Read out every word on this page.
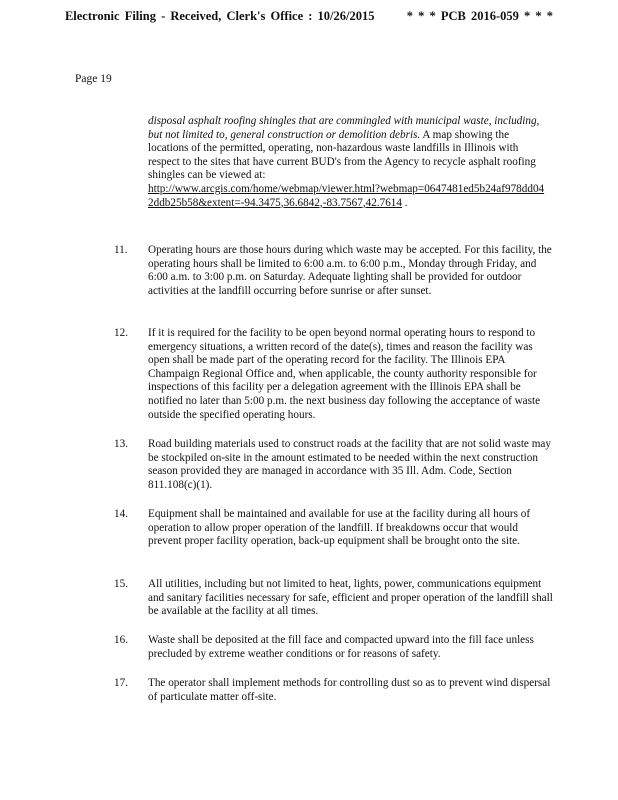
Electronic Filing - Received, Clerk's Office : 10/26/2015	* * * PCB 2016-059 * * *
Page 19
disposal asphalt roofing shingles that are commingled with municipal waste, including, but not limited to, general construction or demolition debris. A map showing the locations of the permitted, operating, non-hazardous waste landfills in Illinois with respect to the sites that have current BUD's from the Agency to recycle asphalt roofing shingles can be viewed at:
http://www.arcgis.com/home/webmap/viewer.html?webmap=0647481ed5b24af978dd042ddb25b58&extent=-94.3475,36.6842,-83.7567,42.7614 .
11.	Operating hours are those hours during which waste may be accepted. For this facility, the operating hours shall be limited to 6:00 a.m. to 6:00 p.m., Monday through Friday, and 6:00 a.m. to 3:00 p.m. on Saturday. Adequate lighting shall be provided for outdoor activities at the landfill occurring before sunrise or after sunset.
12.	If it is required for the facility to be open beyond normal operating hours to respond to emergency situations, a written record of the date(s), times and reason the facility was open shall be made part of the operating record for the facility. The Illinois EPA Champaign Regional Office and, when applicable, the county authority responsible for inspections of this facility per a delegation agreement with the Illinois EPA shall be notified no later than 5:00 p.m. the next business day following the acceptance of waste outside the specified operating hours.
13.	Road building materials used to construct roads at the facility that are not solid waste may be stockpiled on-site in the amount estimated to be needed within the next construction season provided they are managed in accordance with 35 Ill. Adm. Code, Section 811.108(c)(1).
14.	Equipment shall be maintained and available for use at the facility during all hours of operation to allow proper operation of the landfill. If breakdowns occur that would prevent proper facility operation, back-up equipment shall be brought onto the site.
15.	All utilities, including but not limited to heat, lights, power, communications equipment and sanitary facilities necessary for safe, efficient and proper operation of the landfill shall be available at the facility at all times.
16.	Waste shall be deposited at the fill face and compacted upward into the fill face unless precluded by extreme weather conditions or for reasons of safety.
17.	The operator shall implement methods for controlling dust so as to prevent wind dispersal of particulate matter off-site.
